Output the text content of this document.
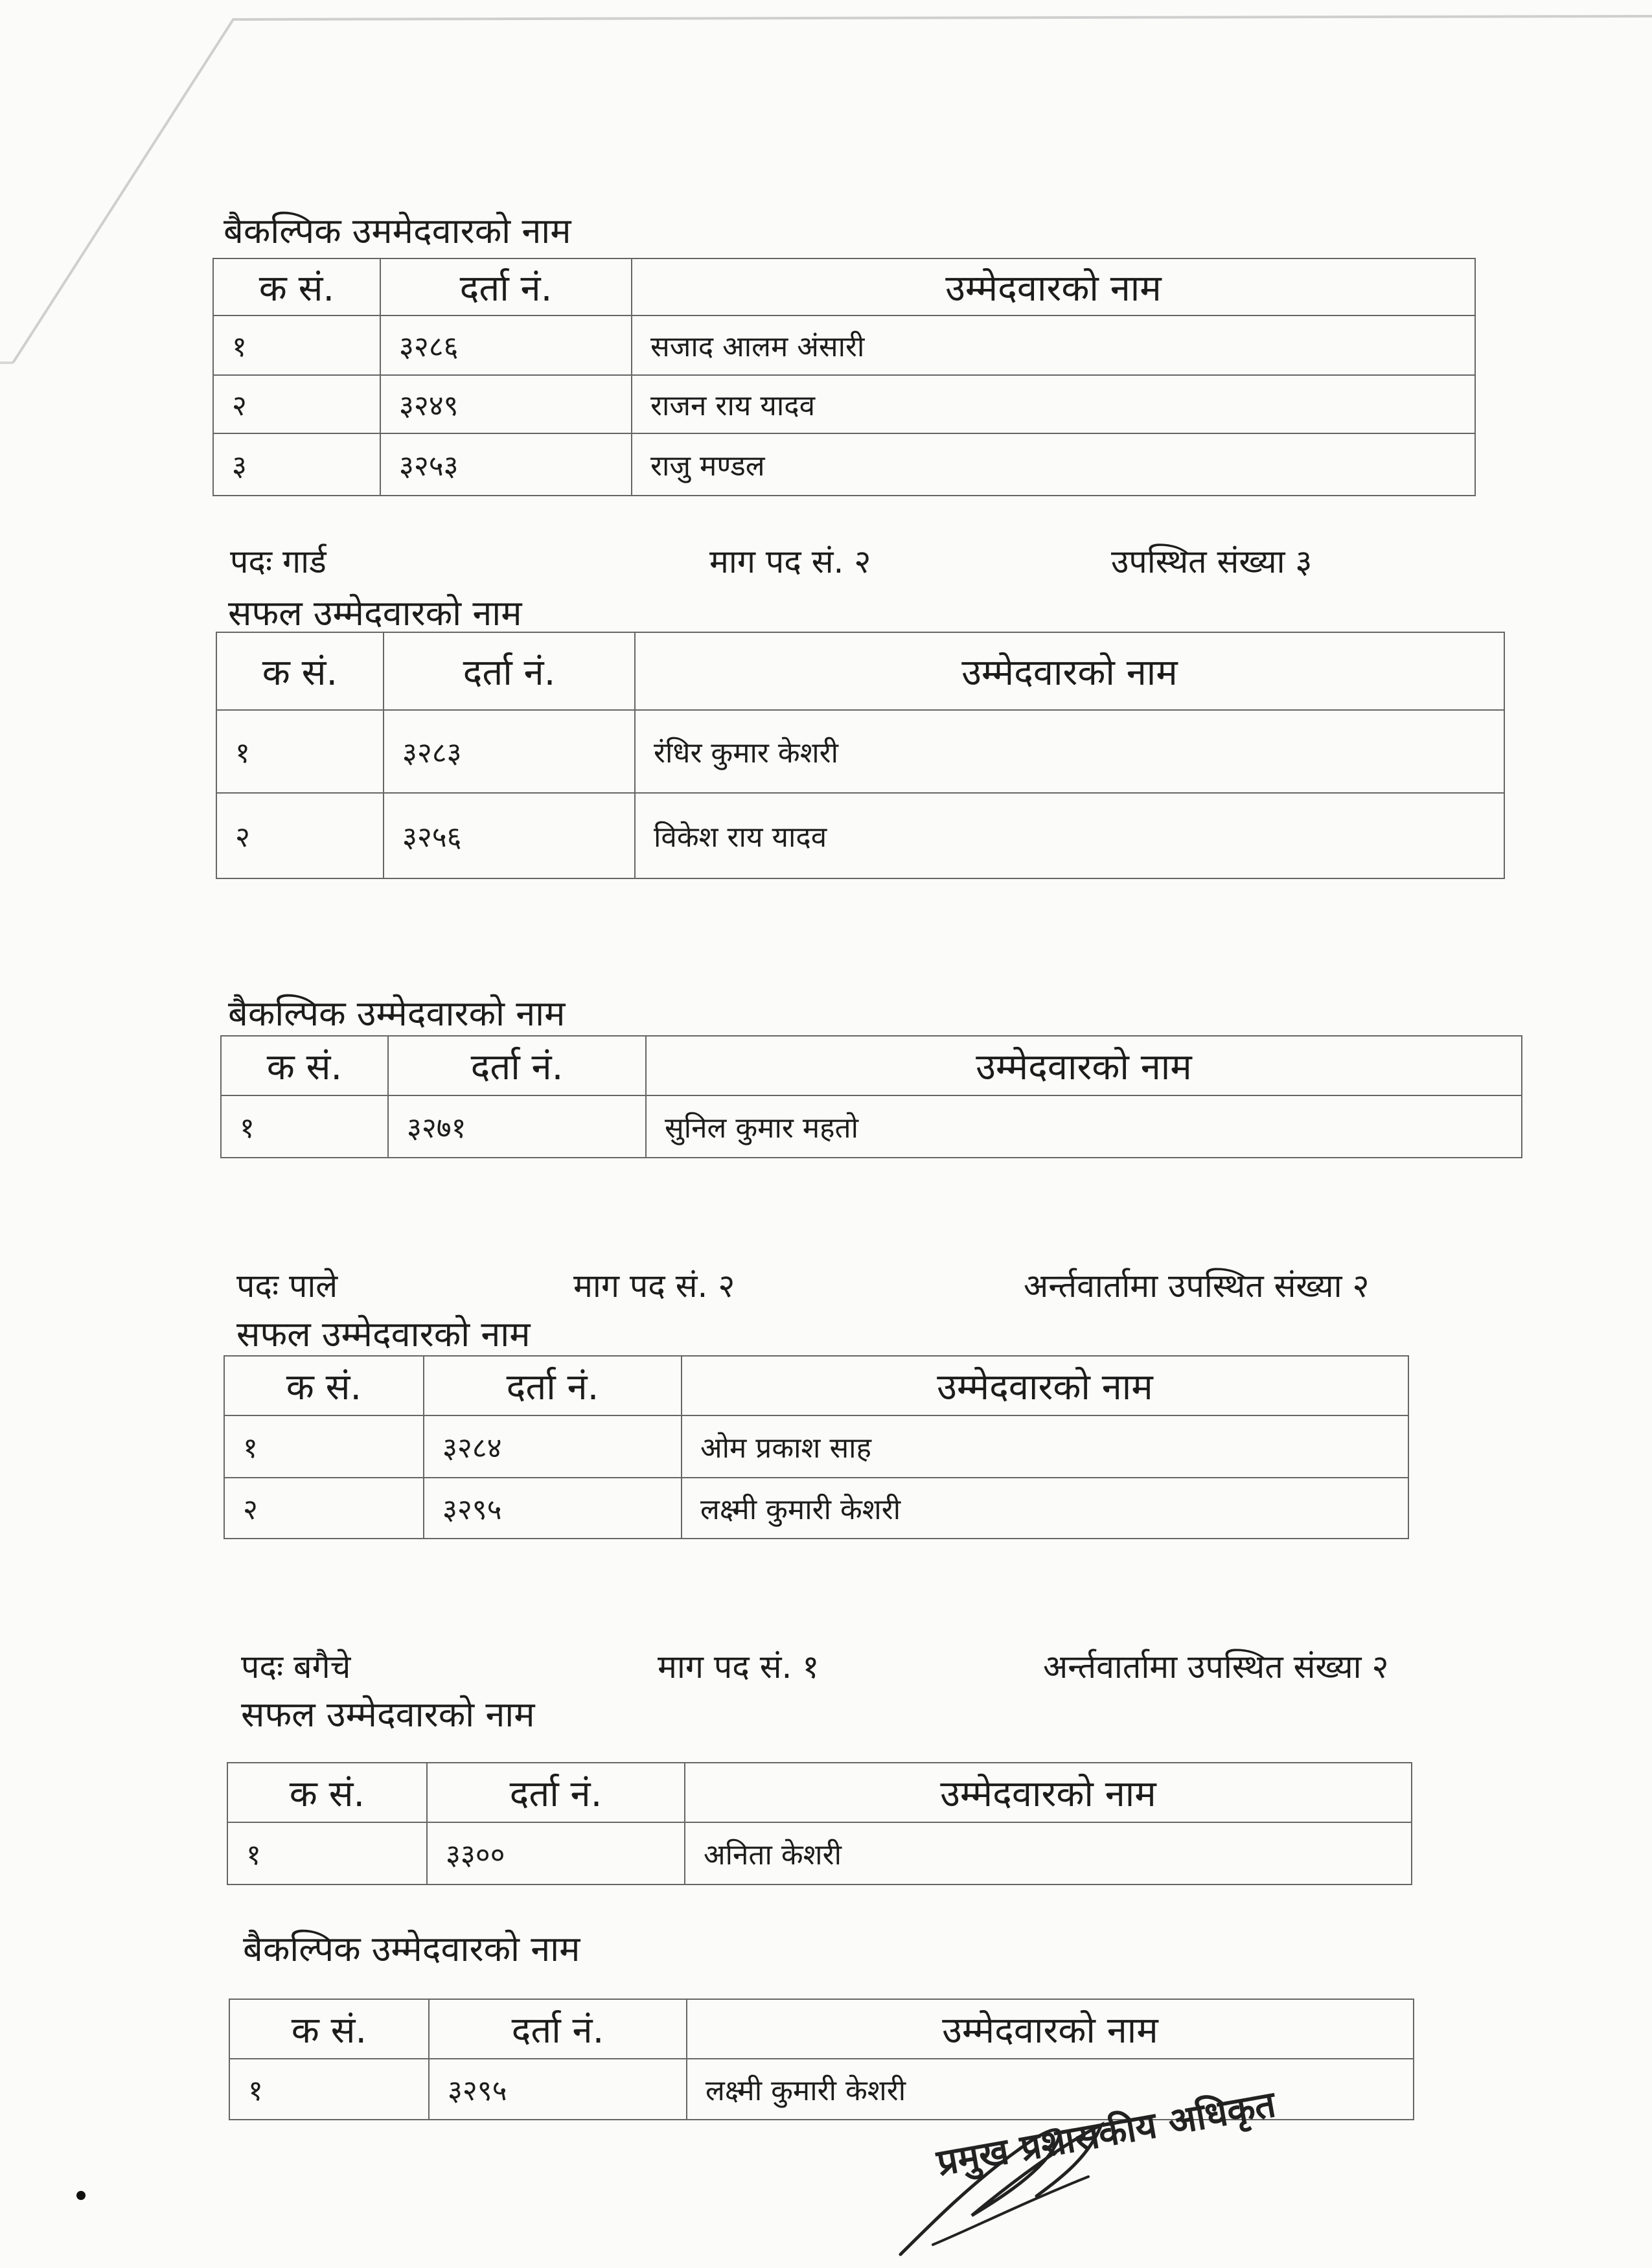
बैकल्पिक उममेदवारको नाम
क सं.	दर्ता नं.	उम्मेदवारको नाम
१	३२८६	सजाद आलम अंसारी
२	३२४९	राजन राय यादव
३	३२५३	राजु मण्डल
पदः गार्ड	माग पद सं. २	उपस्थित संख्या ३
सफल उम्मेदवारको नाम
क सं.	दर्ता नं.	उम्मेदवारको नाम
१	३२८३	रंधिर कुमार केशरी
२	३२५६	विकेश राय यादव
बैकल्पिक उम्मेदवारको नाम
क सं.	दर्ता नं.	उम्मेदवारको नाम
१	३२७१	सुनिल कुमार महतो
पदः पाले	माग पद सं. २	अर्न्तवार्तामा उपस्थित संख्या २
सफल उम्मेदवारको नाम
क सं.	दर्ता नं.	उम्मेदवारको नाम
१	३२८४	ओम प्रकाश साह
२	३२९५	लक्ष्मी कुमारी केशरी
पदः बगैचे	माग पद सं. १	अर्न्तवार्तामा उपस्थित संख्या २
सफल उम्मेदवारको नाम
क सं.	दर्ता नं.	उम्मेदवारको नाम
१	३३००	अनिता केशरी
बैकल्पिक उम्मेदवारको नाम
क सं.	दर्ता नं.	उम्मेदवारको नाम
१	३२९५	लक्ष्मी कुमारी केशरी प्रमुख प्रशासकीय अधिकृत
